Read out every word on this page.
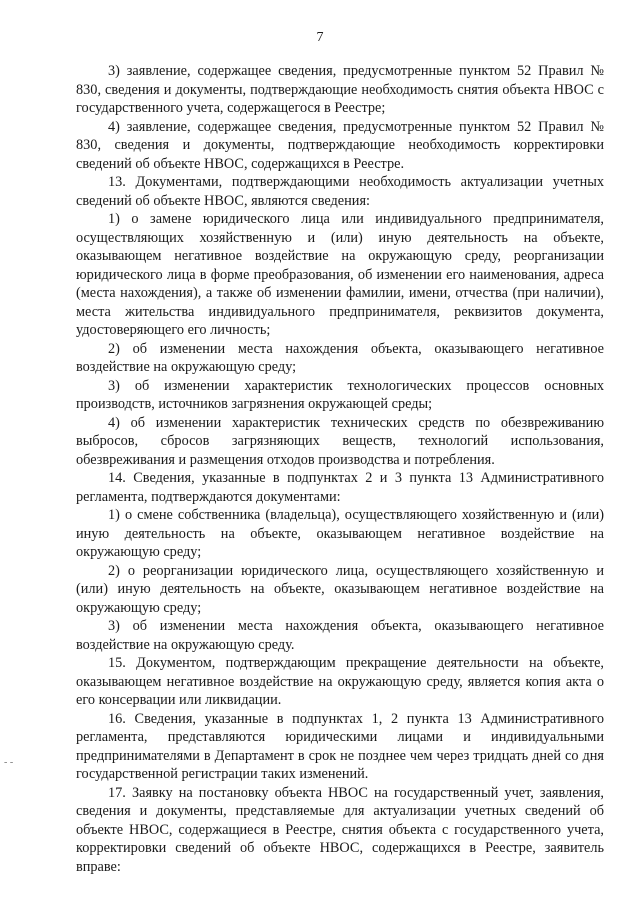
7
- -

3) заявление, содержащее сведения, предусмотренные пунктом 52 Правил № 830, сведения и документы, подтверждающие необходимость снятия объекта НВОС с государственного учета, содержащегося в Реестре;

4) заявление, содержащее сведения, предусмотренные пунктом 52 Правил № 830, сведения и документы, подтверждающие необходимость корректировки сведений об объекте НВОС, содержащихся в Реестре.

13. Документами, подтверждающими необходимость актуализации учетных сведений об объекте НВОС, являются сведения:

1) о замене юридического лица или индивидуального предпринимателя, осуществляющих хозяйственную и (или) иную деятельность на объекте, оказывающем негативное воздействие на окружающую среду, реорганизации юридического лица в форме преобразования, об изменении его наименования, адреса (места нахождения), а также об изменении фамилии, имени, отчества (при наличии), места жительства индивидуального предпринимателя, реквизитов документа, удостоверяющего его личность;

2) об изменении места нахождения объекта, оказывающего негативное воздействие на окружающую среду;

3) об изменении характеристик технологических процессов основных производств, источников загрязнения окружающей среды;

4) об изменении характеристик технических средств по обезвреживанию выбросов, сбросов загрязняющих веществ, технологий использования, обезвреживания и размещения отходов производства и потребления.

14. Сведения, указанные в подпунктах 2 и 3 пункта 13 Административного регламента, подтверждаются документами:

1) о смене собственника (владельца), осуществляющего хозяйственную и (или) иную деятельность на объекте, оказывающем негативное воздействие на окружающую среду;

2) о реорганизации юридического лица, осуществляющего хозяйственную и (или) иную деятельность на объекте, оказывающем негативное воздействие на окружающую среду;

3) об изменении места нахождения объекта, оказывающего негативное воздействие на окружающую среду.

15. Документом, подтверждающим прекращение деятельности на объекте, оказывающем негативное воздействие на окружающую среду, является копия акта о его консервации или ликвидации.

16. Сведения, указанные в подпунктах 1, 2 пункта 13 Административного регламента, представляются юридическими лицами и индивидуальными предпринимателями в Департамент в срок не позднее чем через тридцать дней со дня государственной регистрации таких изменений.

17. Заявку на постановку объекта НВОС на государственный учет, заявления, сведения и документы, представляемые для актуализации учетных сведений об объекте НВОС, содержащиеся в Реестре, снятия объекта с государственного учета, корректировки сведений об объекте НВОС, содержащихся в Реестре, заявитель вправе:
